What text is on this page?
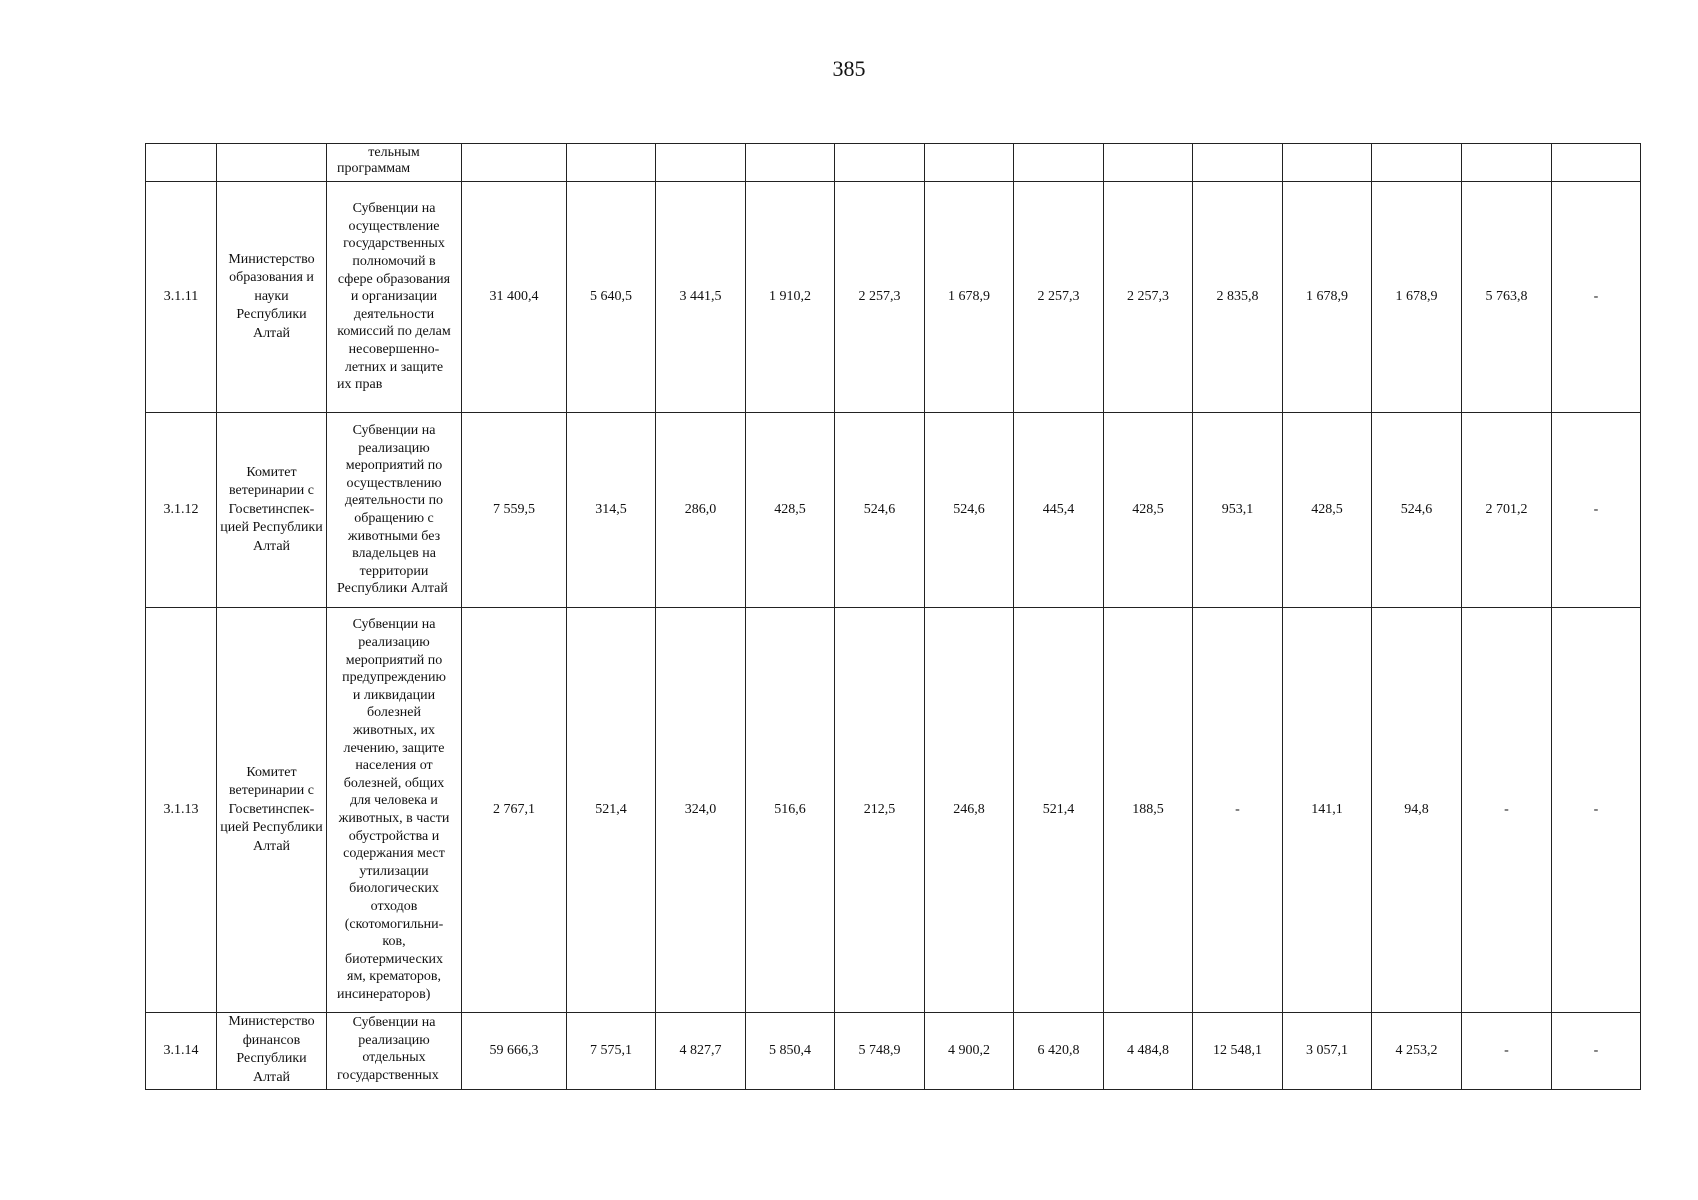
385
		тельным программам													
3.1.11	Министерство образования и науки Республики Алтай	Субвенции на осуществление государственных полномочий в сфере образования и организации деятельности комиссий по делам несовершенно-летних и защите их прав	31 400,4	5 640,5	3 441,5	1 910,2	2 257,3	1 678,9	2 257,3	2 257,3	2 835,8	1 678,9	1 678,9	5 763,8	-
3.1.12	Комитет ветеринарии с Госветинспек-цией Республики Алтай	Субвенции на реализацию мероприятий по осуществлению деятельности по обращению с животными без владельцев на территории Республики Алтай	7 559,5	314,5	286,0	428,5	524,6	524,6	445,4	428,5	953,1	428,5	524,6	2 701,2	-
3.1.13	Комитет ветеринарии с Госветинспек-цией Республики Алтай	Субвенции на реализацию мероприятий по предупреждению и ликвидации болезней животных, их лечению, защите населения от болезней, общих для человека и животных, в части обустройства и содержания мест утилизации биологических отходов (скотомогильни-ков, биотермических ям, крематоров, инсинераторов)	2 767,1	521,4	324,0	516,6	212,5	246,8	521,4	188,5	-	141,1	94,8	-	-
3.1.14	Министерство финансов Республики Алтай	Субвенции на реализацию отдельных государственных	59 666,3	7 575,1	4 827,7	5 850,4	5 748,9	4 900,2	6 420,8	4 484,8	12 548,1	3 057,1	4 253,2	-	-
